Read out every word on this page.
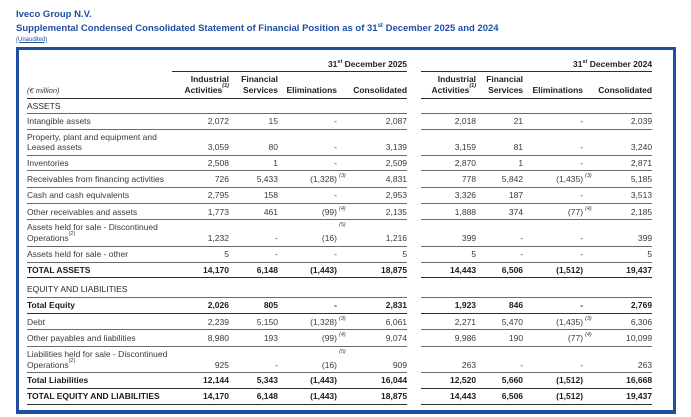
Iveco Group N.V.
Supplemental Condensed Consolidated Statement of Financial Position as of 31st December 2025 and 2024
(Unaudited)
	31st December 2025						31st December 2024				
(€ million)	
Industrial
Activities$^{(1)}$

Financial
Services	Eliminations		Consolidated

Industrial
Activities$^{(1)}$

Financial
Services	Eliminations		Consolidated

ASSETS											
Intangible assets	2,072	15	-		2,087		2,018	21	-		2,039
Property, plant and equipment and Leased assets	3,059	80	-		3,139		3,159	81	-		3,240
Inventories	2,508	1	-		2,509		2,870	1	-		2,871
Receivables from financing activities	726	5,433	(1,328)	$^{(3)}$	4,831		778	5,842	(1,435)	$^{(3)}$	5,185
Cash and cash equivalents	2,795	158	-		2,953		3,326	187	-		3,513
Other receivables and assets	1,773	461	(99)	$^{(4)}$	2,135		1,888	374	(77)	$^{(4)}$	2,185
Assets held for sale - Discontinued Operations$^{(2)}$	1,232	-	(16)	$^{(5)}$	1,216		399	-	-		399
Assets held for sale - other	5	-	-		5		5	-	-		5
TOTAL ASSETS	14,170	6,148	(1,443)		18,875		14,443	6,506	(1,512)		19,437
EQUITY AND LIABILITIES											
Total Equity	2,026	805	-		2,831		1,923	846	-		2,769
Debt	2,239	5,150	(1,328)	$^{(3)}$	6,061		2,271	5,470	(1,435)	$^{(3)}$	6,306
Other payables and liabilities	8,980	193	(99)	$^{(4)}$	9,074		9,986	190	(77)	$^{(4)}$	10,099
Liabilities held for sale - Discontinued Operations$^{(2)}$	925	-	(16)	$^{(5)}$	909		263	-	-		263
Total Liabilities	12,144	5,343	(1,443)		16,044		12,520	5,660	(1,512)		16,668
TOTAL EQUITY AND LIABILITIES	14,170	6,148	(1,443)		18,875		14,443	6,506	(1,512)		19,437
